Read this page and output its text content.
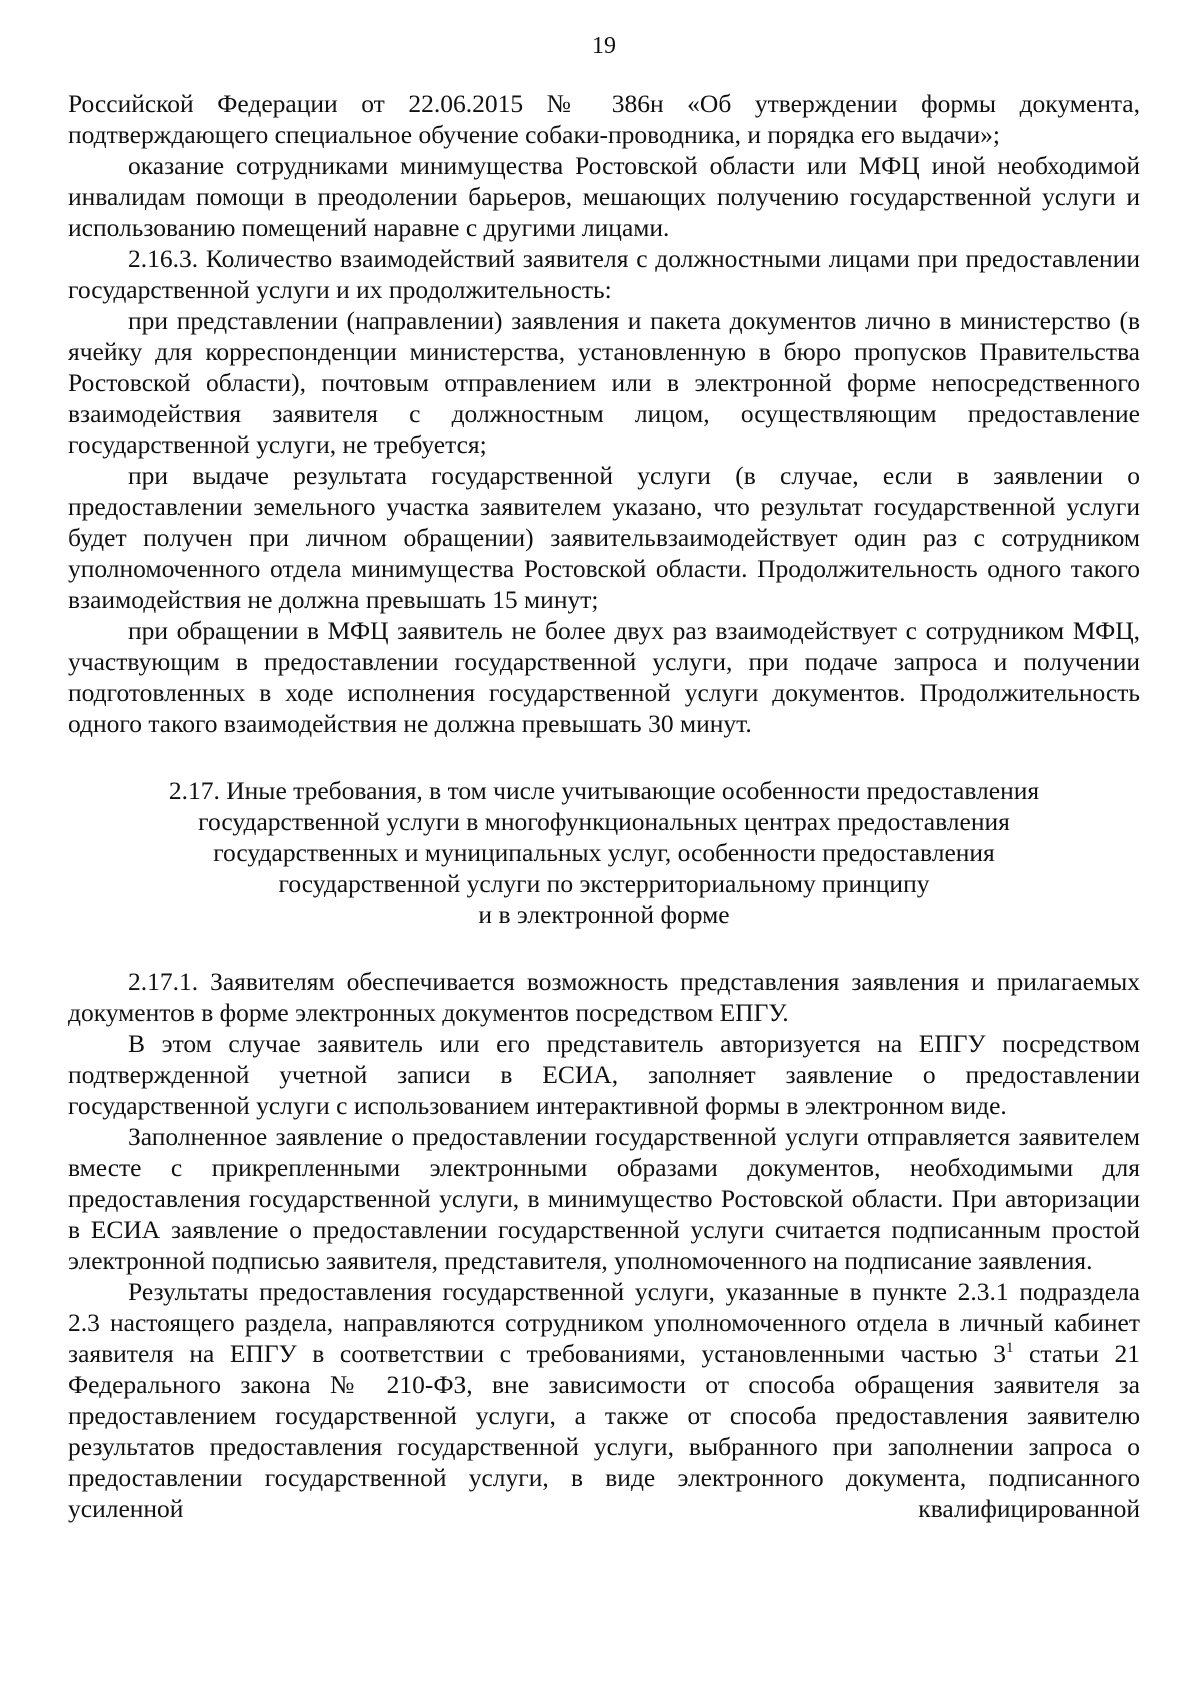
19

Российской Федерации от 22.06.2015 № 386н «Об утверждении формы документа, подтверждающего специальное обучение собаки-проводника, и порядка его выдачи»;

оказание сотрудниками минимущества Ростовской области или МФЦ иной необходимой инвалидам помощи в преодолении барьеров, мешающих получению государственной услуги и использованию помещений наравне с другими лицами.

2.16.3. Количество взаимодействий заявителя с должностными лицами при предоставлении государственной услуги и их продолжительность:

при представлении (направлении) заявления и пакета документов лично в министерство (в ячейку для корреспонденции министерства, установленную в бюро пропусков Правительства Ростовской области), почтовым отправлением или в электронной форме непосредственного взаимодействия заявителя с должностным лицом, осуществляющим предоставление государственной услуги, не требуется;

при выдаче результата государственной услуги (в случае, если в заявлении о предоставлении земельного участка заявителем указано, что результат государственной услуги будет получен при личном обращении) заявительвзаимодействует один раз с сотрудником уполномоченного отдела минимущества Ростовской области. Продолжительность одного такого взаимодействия не должна превышать 15 минут;

при обращении в МФЦ заявитель не более двух раз взаимодействует с сотрудником МФЦ, участвующим в предоставлении государственной услуги, при подаче запроса и получении подготовленных в ходе исполнения государственной услуги документов. Продолжительность одного такого взаимодействия не должна превышать 30 минут.

2.17. Иные требования, в том числе учитывающие особенности предоставления
государственной услуги в многофункциональных центрах предоставления
государственных и муниципальных услуг, особенности предоставления
государственной услуги по экстерриториальному принципу
и в электронной форме

2.17.1. Заявителям обеспечивается возможность представления заявления и прилагаемых документов в форме электронных документов посредством ЕПГУ.

В этом случае заявитель или его представитель авторизуется на ЕПГУ посредством подтвержденной учетной записи в ЕСИА, заполняет заявление о предоставлении государственной услуги с использованием интерактивной формы в электронном виде.

Заполненное заявление о предоставлении государственной услуги отправляется заявителем вместе с прикрепленными электронными образами документов, необходимыми для предоставления государственной услуги, в минимущество Ростовской области. При авторизации в ЕСИА заявление о предоставлении государственной услуги считается подписанным простой электронной подписью заявителя, представителя, уполномоченного на подписание заявления.

Результаты предоставления государственной услуги, указанные в пункте 2.3.1 подраздела 2.3 настоящего раздела, направляются сотрудником уполномоченного отдела в личный кабинет заявителя на ЕПГУ в соответствии с требованиями, установленными частью $3^1$ статьи 21 Федерального закона № 210-ФЗ, вне зависимости от способа обращения заявителя за предоставлением государственной услуги, а также от способа предоставления заявителю результатов предоставления государственной услуги, выбранного при заполнении запроса о предоставлении государственной услуги, в виде электронного документа, подписанного усиленной квалифицированной
